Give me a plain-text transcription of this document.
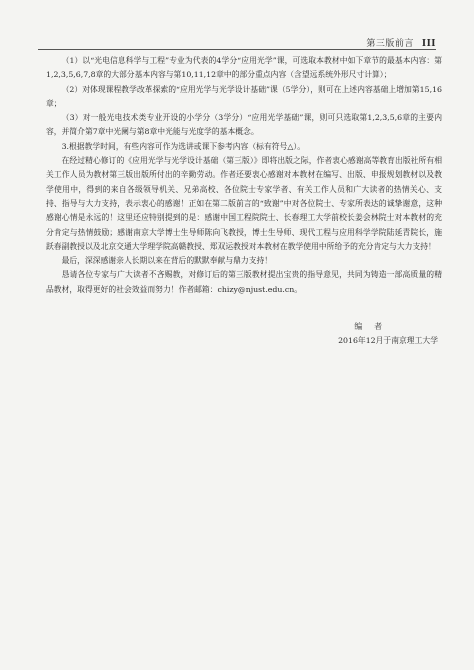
第三版前言 III

（1）以“光电信息科学与工程”专业为代表的4学分“应用光学”课，可选取本教材中如下章节的最基本内容：第1,2,3,5,6,7,8章的大部分基本内容与第10,11,12章中的部分重点内容（含望远系统外形尺寸计算）；

（2）对体现课程教学改革探索的“应用光学与光学设计基础”课（5学分），则可在上述内容基础上增加第15,16章；

（3）对一般光电技术类专业开设的小学分（3学分）“应用光学基础”课，则可只选取第1,2,3,5,6章的主要内容，并简介第7章中光阑与第8章中光能与光度学的基本概念。

3.根据教学时间，有些内容可作为选讲或课下参考内容（标有符号△）。

在经过精心修订的《应用光学与光学设计基础（第三版）》即将出版之际，作者衷心感谢高等教育出版社所有相关工作人员为教材第三版出版所付出的辛勤劳动。作者还要衷心感谢对本教材在编写、出版、申报规划教材以及教学使用中，得到的来自各级领导机关、兄弟高校、各位院士专家学者、有关工作人员和广大读者的热情关心、支持、指导与大力支持，表示衷心的感谢！正如在第二版前言的“致谢”中对各位院士、专家所表达的诚挚谢意，这种感谢心情是永远的！这里还应特别提到的是：感谢中国工程院院士、长春理工大学前校长姜会林院士对本教材的充分肯定与热情鼓励；感谢南京大学博士生导师陈向飞教授，博士生导师、现代工程与应用科学学院陆延青院长，施跃春副教授以及北京交通大学理学院高赣教授、郑双运教授对本教材在教学使用中所给予的充分肯定与大力支持！

最后，深深感谢亲人长期以来在背后的默默奉献与鼎力支持！

恳请各位专家与广大读者不吝赐教，对修订后的第三版教材提出宝贵的指导意见，共同为铸造一部高质量的精品教材，取得更好的社会效益而努力！作者邮箱：chizy@njust.edu.cn。

编者
2016年12月于南京理工大学
